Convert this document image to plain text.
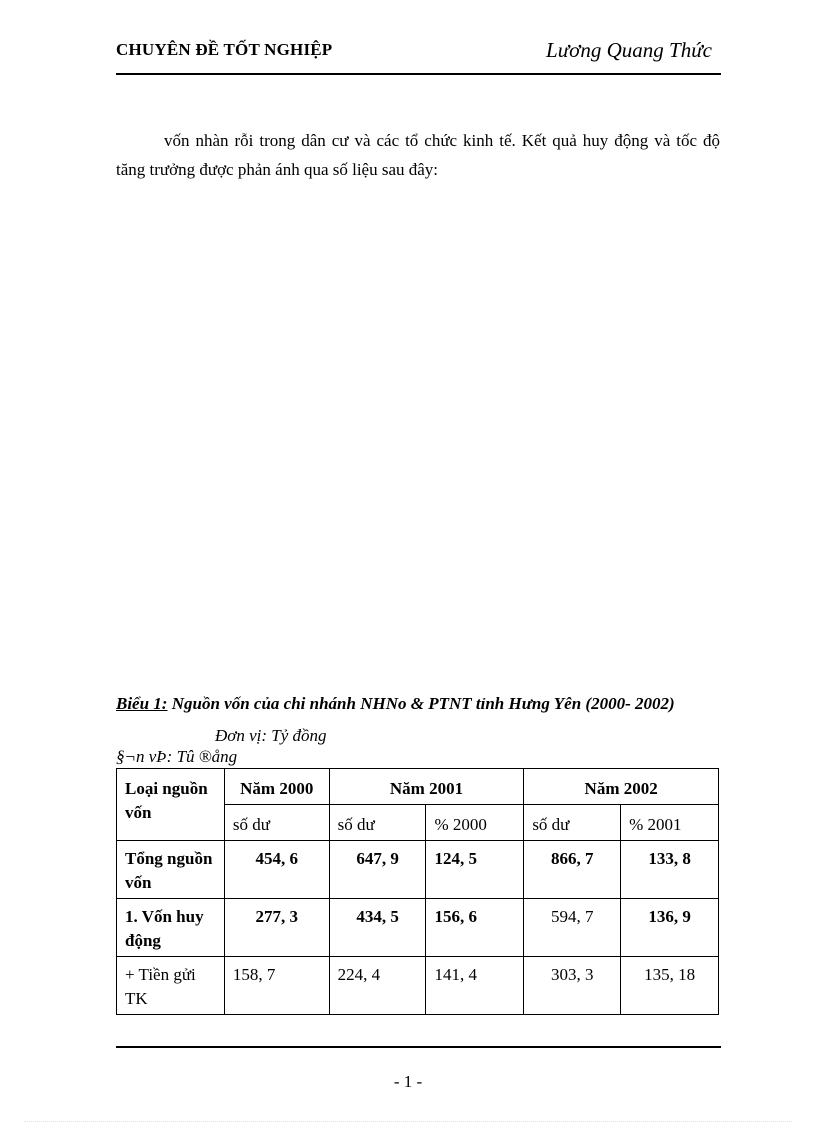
CHUYÊN ĐỀ TỐT NGHIỆP	Lương Quang Thức

vốn nhàn rỗi trong dân cư và các tổ chức kinh tế. Kết quả huy động và tốc độ tăng trưởng được phản ánh qua số liệu sau đây:

Biểu 1: Nguồn vốn của chi nhánh NHNo & PTNT tỉnh Hưng Yên (2000- 2002)
Đơn vị: Tỷ đồng
§¬n vÞ: Tû ®ång
Loại nguồn vốn	Năm 2000	Năm 2001		Năm 2002	
	số dư	số dư	% 2000	số dư	% 2001
Tổng nguồn vốn	454, 6	647, 9	124, 5	866, 7	133, 8
1. Vốn huy động	277, 3	434, 5	156, 6	594, 7	136, 9
+ Tiền gửi TK	158, 7	224, 4	141, 4	303, 3	135, 18
- 1 -
